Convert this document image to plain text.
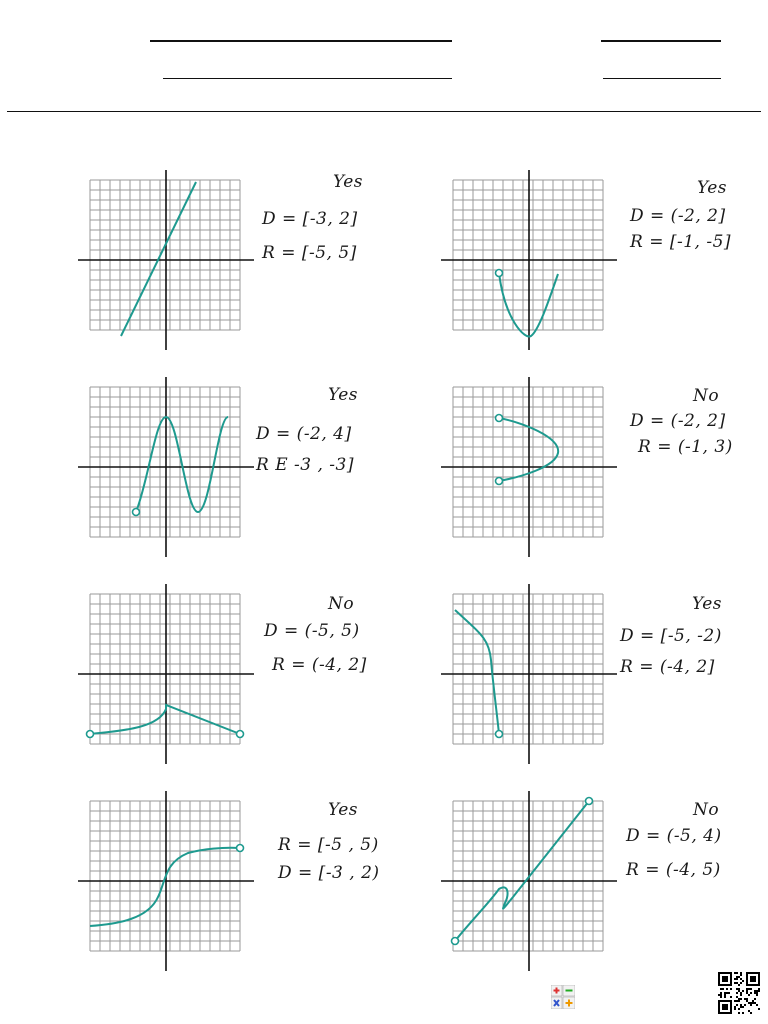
Yes
D = [-3, 2]
R = [-5, 5]
Yes
D = (-2, 2]
R = [-1, -5]
Yes
D = (-2, 4]
R E -3 , -3]
No
D = (-2, 2]
R = (-1, 3)
No
D = (-5, 5)
R = (-4, 2]
Yes
D = [-5, -2)
R = (-4, 2]
Yes
R = [-5 , 5)
D = [-3 , 2)
No
D = (-5, 4)
R = (-4, 5)
